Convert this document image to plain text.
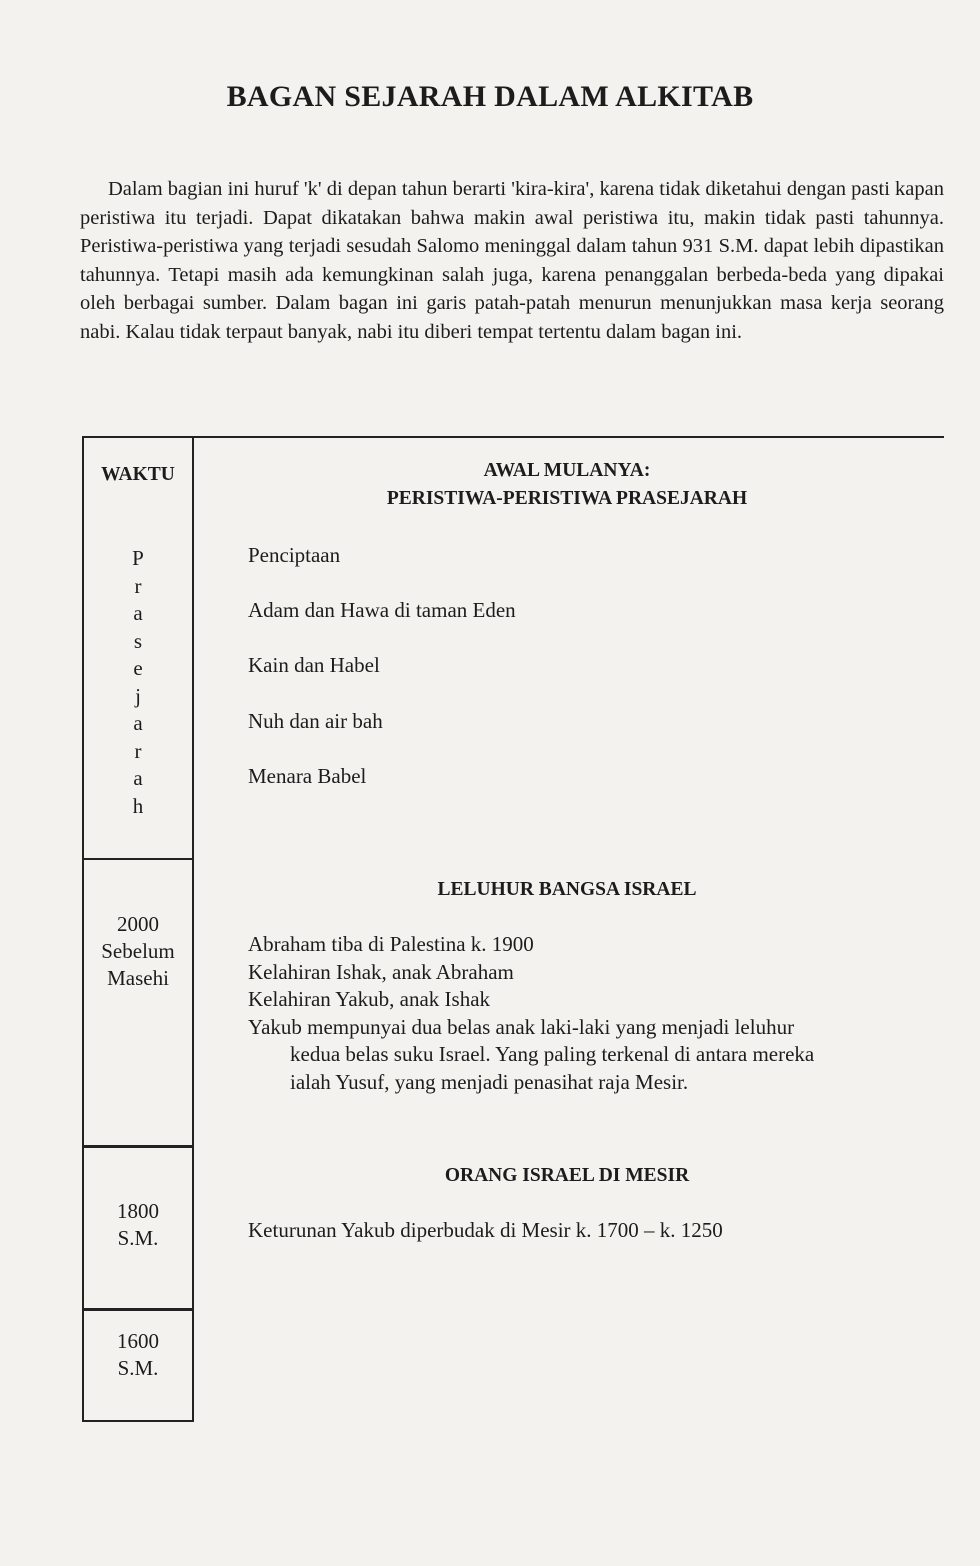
BAGAN SEJARAH DALAM ALKITAB
Dalam bagian ini huruf 'k' di depan tahun berarti 'kira-kira', karena tidak diketahui dengan pasti kapan peristiwa itu terjadi. Dapat dikatakan bahwa makin awal peristiwa itu, makin tidak pasti tahunnya. Peristiwa-peristiwa yang terjadi sesudah Salomo meninggal dalam tahun 931 S.M. dapat lebih dipastikan tahunnya. Tetapi masih ada kemungkinan salah juga, karena penanggalan berbeda-beda yang dipakai oleh berbagai sumber. Dalam bagan ini garis patah-patah menurun menunjukkan masa kerja seorang nabi. Kalau tidak terpaut banyak, nabi itu diberi tempat tertentu dalam bagan ini.
WAKTU
P
r
a
s
e
j
a
r
a
h
2000
Sebelum
Masehi
1800
S.M.
1600
S.M.
AWAL MULANYA:
PERISTIWA-PERISTIWA PRASEJARAH
Penciptaan
Adam dan Hawa di taman Eden
Kain dan Habel
Nuh dan air bah
Menara Babel
LELUHUR BANGSA ISRAEL
Abraham tiba di Palestina k. 1900
Kelahiran Ishak, anak Abraham
Kelahiran Yakub, anak Ishak
Yakub mempunyai dua belas anak laki-laki yang menjadi leluhur
kedua belas suku Israel. Yang paling terkenal di antara mereka
ialah Yusuf, yang menjadi penasihat raja Mesir.
ORANG ISRAEL DI MESIR
Keturunan Yakub diperbudak di Mesir k. 1700 – k. 1250
